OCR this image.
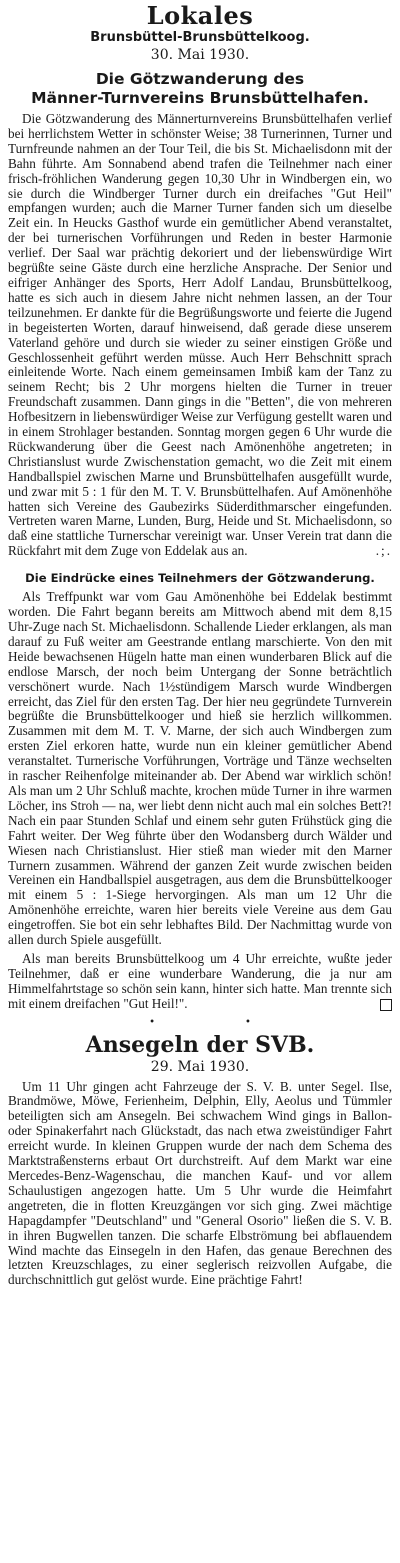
Lokales

Brunsbüttel-Brunsbüttelkoog.

30. Mai 1930.

Die Götzwanderung des
Männer-Turnvereins Brunsbüttelhafen.

Die Götzwanderung des Männerturnvereins Brunsbüttelhafen verlief bei herrlichstem Wetter in schönster Weise; 38 Turnerinnen, Turner und Turnfreunde nahmen an der Tour Teil, die bis St. Michaelisdonn mit der Bahn führte. Am Sonnabend abend trafen die Teilnehmer nach einer frisch-fröhlichen Wanderung gegen 10,30 Uhr in Windbergen ein, wo sie durch die Windberger Turner durch ein dreifaches "Gut Heil" empfangen wurden; auch die Marner Turner fanden sich um dieselbe Zeit ein. In Heucks Gasthof wurde ein gemütlicher Abend veranstaltet, der bei turnerischen Vorführungen und Reden in bester Harmonie verlief. Der Saal war prächtig dekoriert und der liebenswürdige Wirt begrüßte seine Gäste durch eine herzliche Ansprache. Der Senior und eifriger Anhänger des Sports, Herr Adolf Landau, Brunsbüttelkoog, hatte es sich auch in diesem Jahre nicht nehmen lassen, an der Tour teilzunehmen. Er dankte für die Begrüßungsworte und feierte die Jugend in begeisterten Worten, darauf hinweisend, daß gerade diese unserem Vaterland gehöre und durch sie wieder zu seiner einstigen Größe und Geschlossenheit geführt werden müsse. Auch Herr Behschnitt sprach einleitende Worte. Nach einem gemeinsamen Imbiß kam der Tanz zu seinem Recht; bis 2 Uhr morgens hielten die Turner in treuer Freundschaft zusammen. Dann gings in die "Betten", die von mehreren Hofbesitzern in liebenswürdiger Weise zur Verfügung gestellt waren und in einem Strohlager bestanden. Sonntag morgen gegen 6 Uhr wurde die Rückwanderung über die Geest nach Amönenhöhe angetreten; in Christianslust wurde Zwischenstation gemacht, wo die Zeit mit einem Handballspiel zwischen Marne und Brunsbüttelhafen ausgefüllt wurde, und zwar mit 5 : 1 für den M. T. V. Brunsbüttelhafen. Auf Amönenhöhe hatten sich Vereine des Gaubezirks Süderdithmarscher eingefunden. Vertreten waren Marne, Lunden, Burg, Heide und St. Michaelisdonn, so daß eine stattliche Turnerschar vereinigt war. Unser Verein trat dann die Rückfahrt mit dem Zuge von Eddelak aus an.	.;.

Die Eindrücke eines Teilnehmers der Götzwanderung.

Als Treffpunkt war vom Gau Amönenhöhe bei Eddelak bestimmt worden. Die Fahrt begann bereits am Mittwoch abend mit dem 8,15 Uhr-Zuge nach St. Michaelisdonn. Schallende Lieder erklangen, als man darauf zu Fuß weiter am Geestrande entlang marschierte. Von den mit Heide bewachsenen Hügeln hatte man einen wunderbaren Blick auf die endlose Marsch, der noch beim Untergang der Sonne beträchtlich verschönert wurde. Nach 1½stündigem Marsch wurde Windbergen erreicht, das Ziel für den ersten Tag. Der hier neu gegründete Turnverein begrüßte die Brunsbüttelkooger und hieß sie herzlich willkommen. Zusammen mit dem M. T. V. Marne, der sich auch Windbergen zum ersten Ziel erkoren hatte, wurde nun ein kleiner gemütlicher Abend veranstaltet. Turnerische Vorführungen, Vorträge und Tänze wechselten in rascher Reihenfolge miteinander ab. Der Abend war wirklich schön! Als man um 2 Uhr Schluß machte, krochen müde Turner in ihre warmen Löcher, ins Stroh — na, wer liebt denn nicht auch mal ein solches Bett?! Nach ein paar Stunden Schlaf und einem sehr guten Frühstück ging die Fahrt weiter. Der Weg führte über den Wodansberg durch Wälder und Wiesen nach Christianslust. Hier stieß man wieder mit den Marner Turnern zusammen. Während der ganzen Zeit wurde zwischen beiden Vereinen ein Handballspiel ausgetragen, aus dem die Brunsbüttelkooger mit einem 5 : 1-Siege hervorgingen. Als man um 12 Uhr die Amönenhöhe erreichte, waren hier bereits viele Vereine aus dem Gau eingetroffen. Sie bot ein sehr lebhaftes Bild. Der Nachmittag wurde von allen durch Spiele ausgefüllt.

Als man bereits Brunsbüttelkoog um 4 Uhr erreichte, wußte jeder Teilnehmer, daß er eine wunderbare Wanderung, die ja nur am Himmelfahrtstage so schön sein kann, hinter sich hatte. Man trennte sich mit einem dreifachen "Gut Heil!".

•	•
Ansegeln der SVB.

29. Mai 1930.

Um 11 Uhr gingen acht Fahrzeuge der S. V. B. unter Segel. Ilse, Brandmöwe, Möwe, Ferienheim, Delphin, Elly, Aeolus und Tümmler beteiligten sich am Ansegeln. Bei schwachem Wind gings in Ballon- oder Spinakerfahrt nach Glückstadt, das nach etwa zweistündiger Fahrt erreicht wurde. In kleinen Gruppen wurde der nach dem Schema des Marktstraßensterns erbaut Ort durchstreift. Auf dem Markt war eine Mercedes-Benz-Wagenschau, die manchen Kauf- und vor allem Schaulustigen angezogen hatte. Um 5 Uhr wurde die Heimfahrt angetreten, die in flotten Kreuzgängen vor sich ging. Zwei mächtige Hapagdampfer "Deutschland" und "General Osorio" ließen die S. V. B. in ihren Bugwellen tanzen. Die scharfe Elbströmung bei abflauendem Wind machte das Einsegeln in den Hafen, das genaue Berechnen des letzten Kreuzschlages, zu einer seglerisch reizvollen Aufgabe, die durchschnittlich gut gelöst wurde. Eine prächtige Fahrt!
